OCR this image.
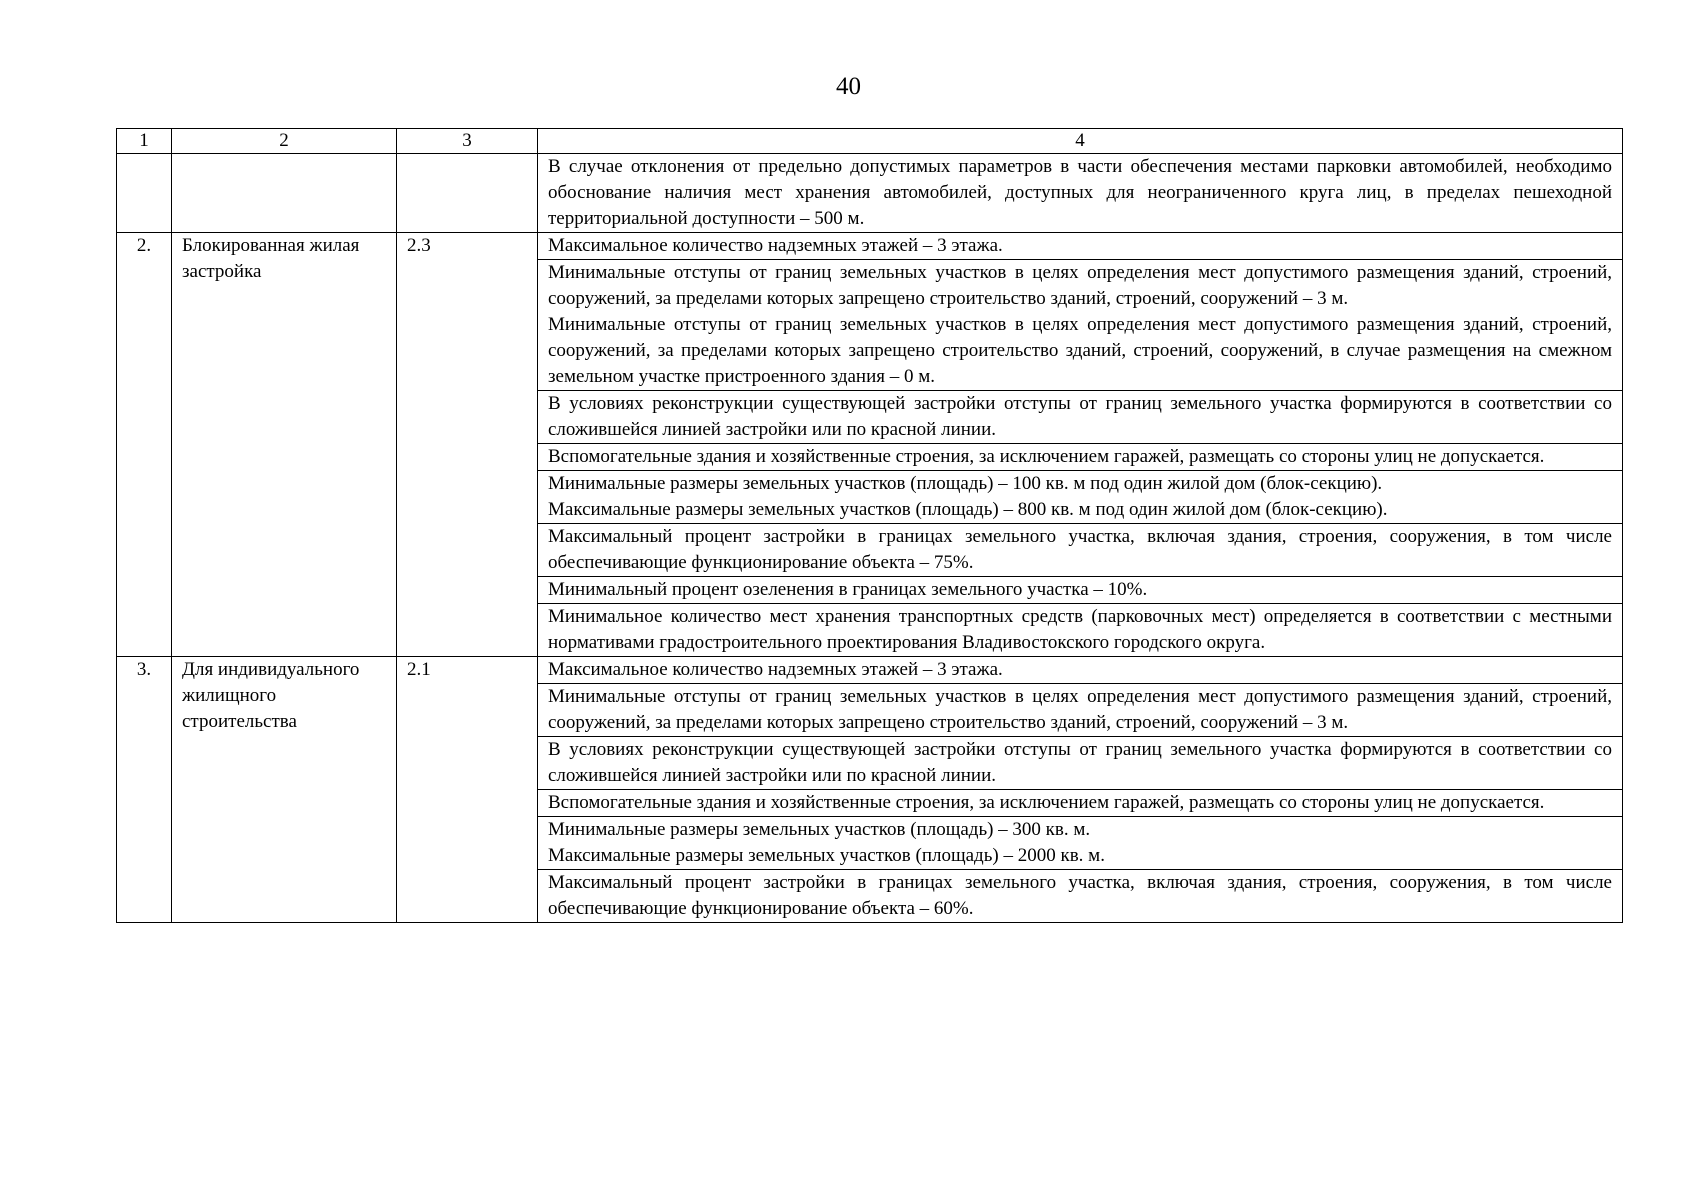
40
1	2	3	4

			В случае отклонения от предельно допустимых параметров в части обеспечения местами парковки автомобилей, необходимо обоснование наличия мест хранения автомобилей, доступных для неограниченного круга лиц, в пределах пешеходной территориальной доступности – 500 м.

2.	Блокированная жилая застройка	2.3	Максимальное количество надземных этажей – 3 этажа.

			Минимальные отступы от границ земельных участков в целях определения мест допустимого размещения зданий, строений, сооружений, за пределами которых запрещено строительство зданий, строений, сооружений – 3 м.
Минимальные отступы от границ земельных участков в целях определения мест допустимого размещения зданий, строений, сооружений, за пределами которых запрещено строительство зданий, строений, сооружений, в случае размещения на смежном земельном участке пристроенного здания – 0 м.

			В условиях реконструкции существующей застройки отступы от границ земельного участка формируются в соответствии со сложившейся линией застройки или по красной линии.

			Вспомогательные здания и хозяйственные строения, за исключением гаражей, размещать со стороны улиц не допускается.

			Минимальные размеры земельных участков (площадь) – 100 кв. м под один жилой дом (блок-секцию).
Максимальные размеры земельных участков (площадь) – 800 кв. м под один жилой дом (блок-секцию).

			Максимальный процент застройки в границах земельного участка, включая здания, строения, сооружения, в том числе обеспечивающие функционирование объекта – 75%.

			Минимальный процент озеленения в границах земельного участка – 10%.

			Минимальное количество мест хранения транспортных средств (парковочных мест) определяется в соответствии с местными нормативами градостроительного проектирования Владивостокского городского округа.

3.	Для индивидуального жилищного строительства	2.1	Максимальное количество надземных этажей – 3 этажа.

			Минимальные отступы от границ земельных участков в целях определения мест допустимого размещения зданий, строений, сооружений, за пределами которых запрещено строительство зданий, строений, сооружений – 3 м.

			В условиях реконструкции существующей застройки отступы от границ земельного участка формируются в соответствии со сложившейся линией застройки или по красной линии.

			Вспомогательные здания и хозяйственные строения, за исключением гаражей, размещать со стороны улиц не допускается.

			Минимальные размеры земельных участков (площадь) – 300 кв. м.
Максимальные размеры земельных участков (площадь) – 2000 кв. м.

			Максимальный процент застройки в границах земельного участка, включая здания, строения, сооружения, в том числе обеспечивающие функционирование объекта – 60%.
